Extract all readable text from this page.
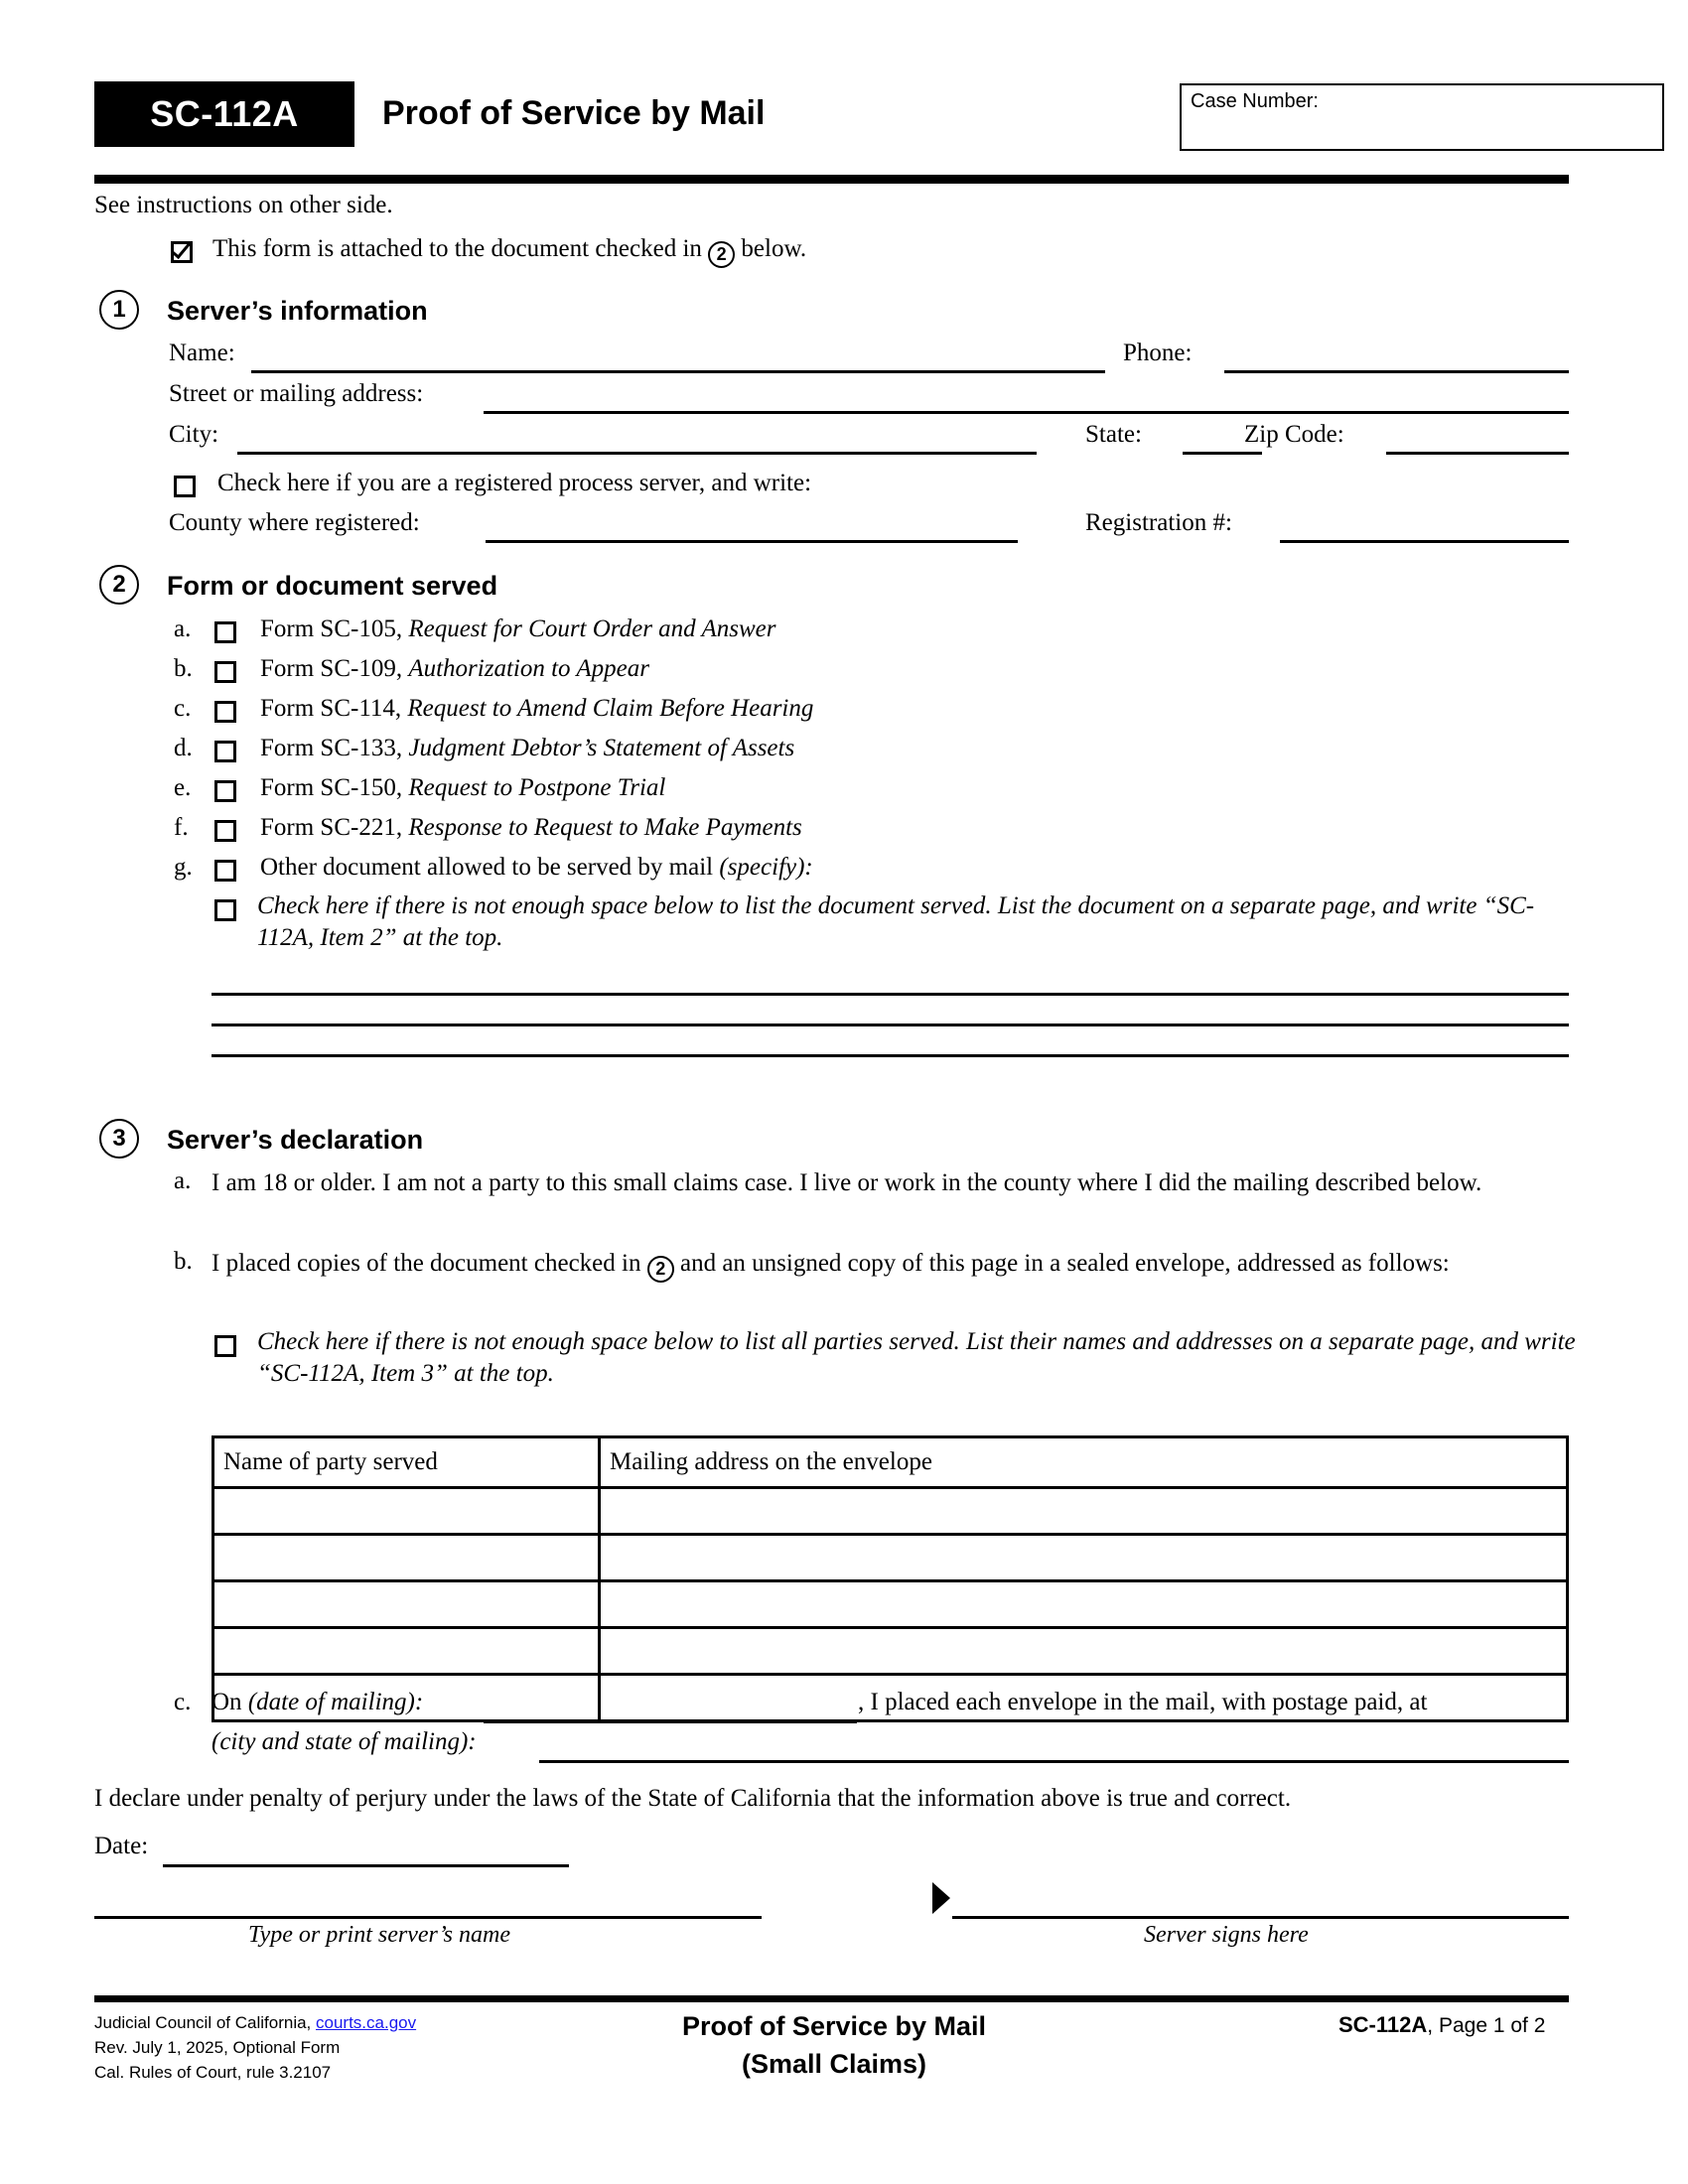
SC-112A	Proof of Service by Mail	Case Number:
See instructions on other side.
This form is attached to the document checked in 2 below.
1	Server’s information
Name:	Phone:
Street or mailing address:
City:	State:	Zip Code:
Check here if you are a registered process server, and write:
County where registered:	Registration #:
2	Form or document served
a.	Form SC-105, Request for Court Order and Answer
b.	Form SC-109, Authorization to Appear
c.	Form SC-114, Request to Amend Claim Before Hearing
d.	Form SC-133, Judgment Debtor’s Statement of Assets
e.	Form SC-150, Request to Postpone Trial
f.	Form SC-221, Response to Request to Make Payments
g.	Other document allowed to be served by mail (specify):
Check here if there is not enough space below to list the document served. List the document on a separate page, and write “SC-112A, Item 2” at the top.
3	Server’s declaration
a. I am 18 or older. I am not a party to this small claims case. I live or work in the county where I did the mailing described below.
b. I placed copies of the document checked in 2 and an unsigned copy of this page in a sealed envelope, addressed as follows:
Check here if there is not enough space below to list all parties served. List their names and addresses on a separate page, and write “SC-112A, Item 3” at the top.
Name of party served	Mailing address on the envelope

c. On (date of mailing):	, I placed each envelope in the mail, with postage paid, at
(city and state of mailing):
I declare under penalty of perjury under the laws of the State of California that the information above is true and correct.
Date:
Type or print server’s name	Server signs here
Judicial Council of California, courts.ca.gov
Rev. July 1, 2025, Optional Form
Cal. Rules of Court, rule 3.2107
Proof of Service by Mail
(Small Claims)
SC-112A, Page 1 of 2
